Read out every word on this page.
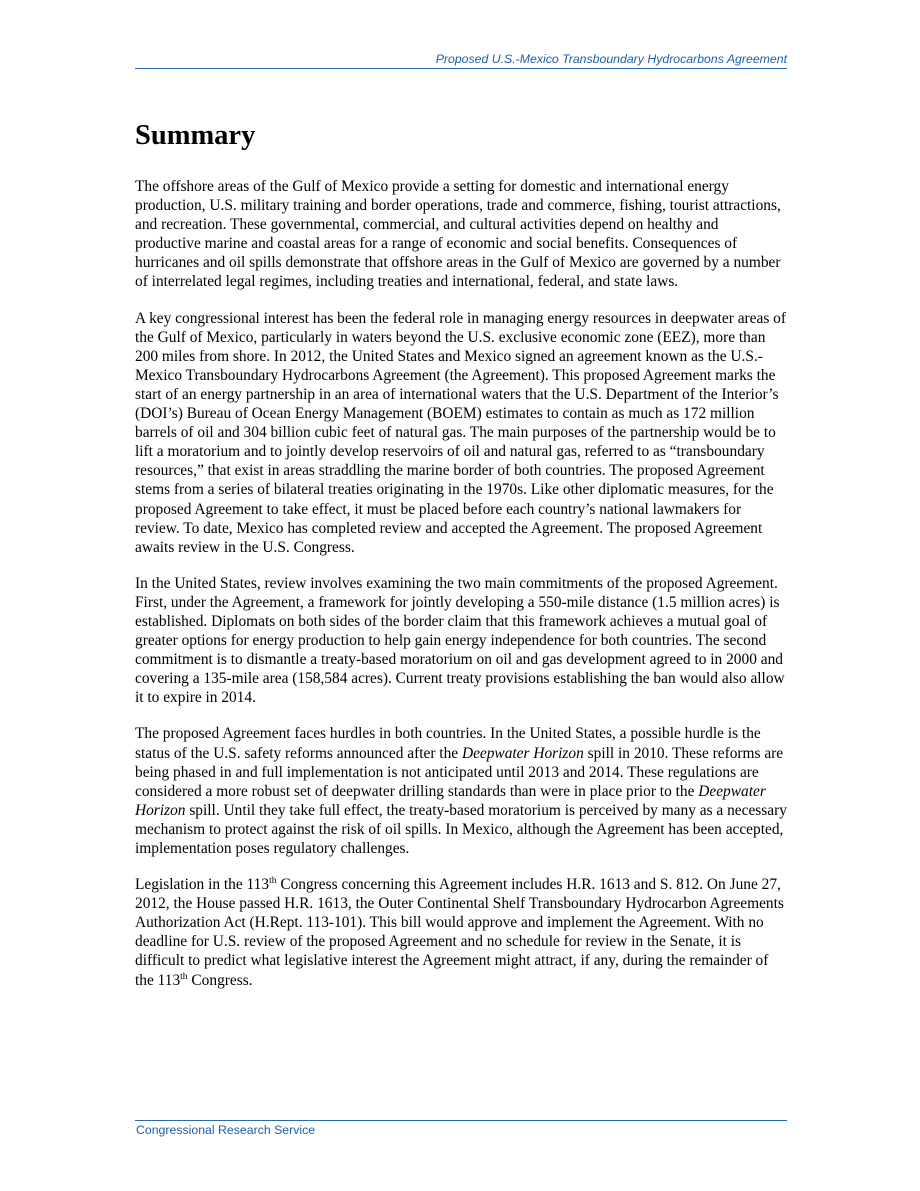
Proposed U.S.-Mexico Transboundary Hydrocarbons Agreement
Summary

The offshore areas of the Gulf of Mexico provide a setting for domestic and international energy production, U.S. military training and border operations, trade and commerce, fishing, tourist attractions, and recreation. These governmental, commercial, and cultural activities depend on healthy and productive marine and coastal areas for a range of economic and social benefits. Consequences of hurricanes and oil spills demonstrate that offshore areas in the Gulf of Mexico are governed by a number of interrelated legal regimes, including treaties and international, federal, and state laws.

A key congressional interest has been the federal role in managing energy resources in deepwater areas of the Gulf of Mexico, particularly in waters beyond the U.S. exclusive economic zone (EEZ), more than 200 miles from shore. In 2012, the United States and Mexico signed an agreement known as the U.S.-Mexico Transboundary Hydrocarbons Agreement (the Agreement). This proposed Agreement marks the start of an energy partnership in an area of international waters that the U.S. Department of the Interior’s (DOI’s) Bureau of Ocean Energy Management (BOEM) estimates to contain as much as 172 million barrels of oil and 304 billion cubic feet of natural gas. The main purposes of the partnership would be to lift a moratorium and to jointly develop reservoirs of oil and natural gas, referred to as “transboundary resources,” that exist in areas straddling the marine border of both countries. The proposed Agreement stems from a series of bilateral treaties originating in the 1970s. Like other diplomatic measures, for the proposed Agreement to take effect, it must be placed before each country’s national lawmakers for review. To date, Mexico has completed review and accepted the Agreement. The proposed Agreement awaits review in the U.S. Congress.

In the United States, review involves examining the two main commitments of the proposed Agreement. First, under the Agreement, a framework for jointly developing a 550-mile distance (1.5 million acres) is established. Diplomats on both sides of the border claim that this framework achieves a mutual goal of greater options for energy production to help gain energy independence for both countries. The second commitment is to dismantle a treaty-based moratorium on oil and gas development agreed to in 2000 and covering a 135-mile area (158,584 acres). Current treaty provisions establishing the ban would also allow it to expire in 2014.

The proposed Agreement faces hurdles in both countries. In the United States, a possible hurdle is the status of the U.S. safety reforms announced after the Deepwater Horizon spill in 2010. These reforms are being phased in and full implementation is not anticipated until 2013 and 2014. These regulations are considered a more robust set of deepwater drilling standards than were in place prior to the Deepwater Horizon spill. Until they take full effect, the treaty-based moratorium is perceived by many as a necessary mechanism to protect against the risk of oil spills. In Mexico, although the Agreement has been accepted, implementation poses regulatory challenges.

Legislation in the 113th Congress concerning this Agreement includes H.R. 1613 and S. 812. On June 27, 2012, the House passed H.R. 1613, the Outer Continental Shelf Transboundary Hydrocarbon Agreements Authorization Act (H.Rept. 113-101). This bill would approve and implement the Agreement. With no deadline for U.S. review of the proposed Agreement and no schedule for review in the Senate, it is difficult to predict what legislative interest the Agreement might attract, if any, during the remainder of the 113th Congress.

Congressional Research Service
